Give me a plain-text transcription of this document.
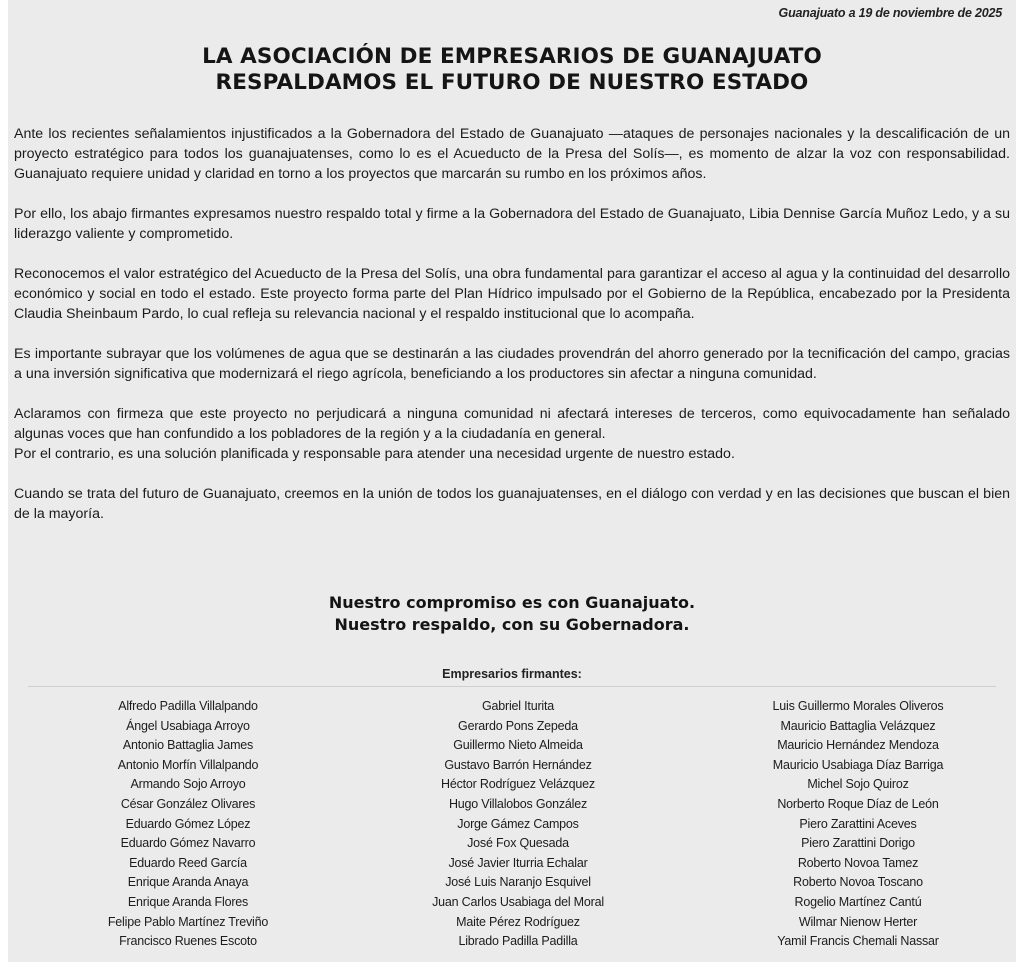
Guanajuato a 19 de noviembre de 2025
LA ASOCIACIÓN DE EMPRESARIOS DE GUANAJUATO
RESPALDAMOS EL FUTURO DE NUESTRO ESTADO

Ante los recientes señalamientos injustificados a la Gobernadora del Estado de Guanajuato —ataques de personajes nacionales y la descalificación de un proyecto estratégico para todos los guanajuatenses, como lo es el Acueducto de la Presa del Solís—, es momento de alzar la voz con responsabilidad. Guanajuato requiere unidad y claridad en torno a los proyectos que marcarán su rumbo en los próximos años.

Por ello, los abajo firmantes expresamos nuestro respaldo total y firme a la Gobernadora del Estado de Guanajuato, Libia Dennise García Muñoz Ledo, y a su liderazgo valiente y comprometido.

Reconocemos el valor estratégico del Acueducto de la Presa del Solís, una obra fundamental para garantizar el acceso al agua y la continuidad del desarrollo económico y social en todo el estado. Este proyecto forma parte del Plan Hídrico impulsado por el Gobierno de la República, encabezado por la Presidenta Claudia Sheinbaum Pardo, lo cual refleja su relevancia nacional y el respaldo institucional que lo acompaña.

Es importante subrayar que los volúmenes de agua que se destinarán a las ciudades provendrán del ahorro generado por la tecnificación del campo, gracias a una inversión significativa que modernizará el riego agrícola, beneficiando a los productores sin afectar a ninguna comunidad.

Aclaramos con firmeza que este proyecto no perjudicará a ninguna comunidad ni afectará intereses de terceros, como equivocadamente han señalado algunas voces que han confundido a los pobladores de la región y a la ciudadanía en general.

Por el contrario, es una solución planificada y responsable para atender una necesidad urgente de nuestro estado.

Cuando se trata del futuro de Guanajuato, creemos en la unión de todos los guanajuatenses, en el diálogo con verdad y en las decisiones que buscan el bien de la mayoría.

Nuestro compromiso es con Guanajuato.
Nuestro respaldo, con su Gobernadora.
Empresarios firmantes:
Alfredo Padilla Villalpando
Ángel Usabiaga Arroyo
Antonio Battaglia James
Antonio Morfín Villalpando
Armando Sojo Arroyo
César González Olivares
Eduardo Gómez López
Eduardo Gómez Navarro
Eduardo Reed García
Enrique Aranda Anaya
Enrique Aranda Flores
Felipe Pablo Martínez Treviño
Francisco Ruenes Escoto
Gabriel Iturita
Gerardo Pons Zepeda
Guillermo Nieto Almeida
Gustavo Barrón Hernández
Héctor Rodríguez Velázquez
Hugo Villalobos González
Jorge Gámez Campos
José Fox Quesada
José Javier Iturria Echalar
José Luis Naranjo Esquivel
Juan Carlos Usabiaga del Moral
Maite Pérez Rodríguez
Librado Padilla Padilla
Luis Guillermo Morales Oliveros
Mauricio Battaglia Velázquez
Mauricio Hernández Mendoza
Mauricio Usabiaga Díaz Barriga
Michel Sojo Quiroz
Norberto Roque Díaz de León
Piero Zarattini Aceves
Piero Zarattini Dorigo
Roberto Novoa Tamez
Roberto Novoa Toscano
Rogelio Martínez Cantú
Wilmar Nienow Herter
Yamil Francis Chemali Nassar
